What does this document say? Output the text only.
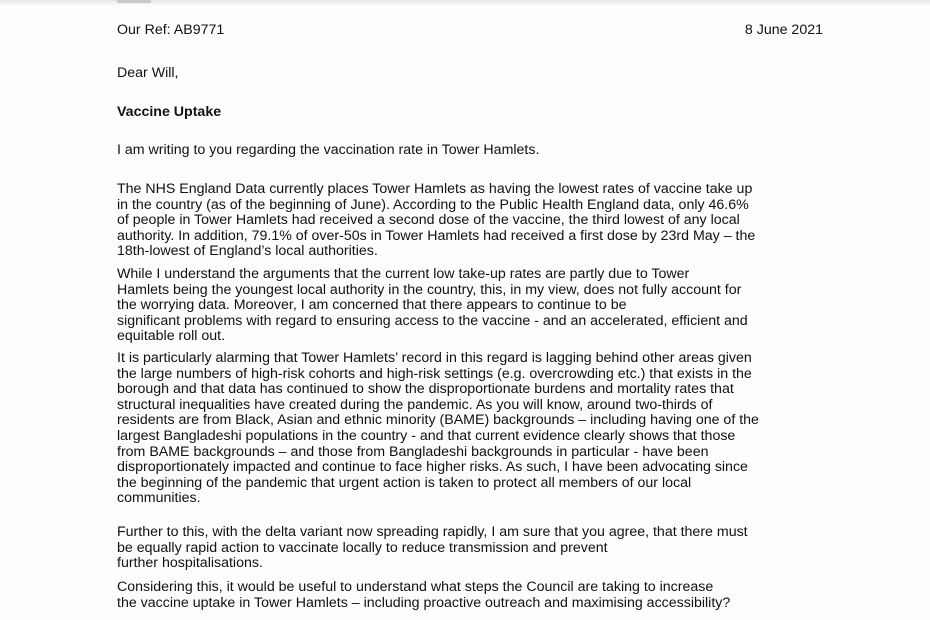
Our Ref: AB9771	8 June 2021
Dear Will,
Vaccine Uptake
I am writing to you regarding the vaccination rate in Tower Hamlets.
The NHS England Data currently places Tower Hamlets as having the lowest rates of vaccine take up
in the country (as of the beginning of June). According to the Public Health England data, only 46.6%
of people in Tower Hamlets had received a second dose of the vaccine, the third lowest of any local
authority. In addition, 79.1% of over-50s in Tower Hamlets had received a first dose by 23rd May – the
18th-lowest of England’s local authorities.
While I understand the arguments that the current low take-up rates are partly due to Tower
Hamlets being the youngest local authority in the country, this, in my view, does not fully account for
the worrying data. Moreover, I am concerned that there appears to continue to be
significant problems with regard to ensuring access to the vaccine - and an accelerated, efficient and
equitable roll out.
It is particularly alarming that Tower Hamlets’ record in this regard is lagging behind other areas given
the large numbers of high-risk cohorts and high-risk settings (e.g. overcrowding etc.) that exists in the
borough and that data has continued to show the disproportionate burdens and mortality rates that
structural inequalities have created during the pandemic. As you will know, around two-thirds of
residents are from Black, Asian and ethnic minority (BAME) backgrounds – including having one of the
largest Bangladeshi populations in the country - and that current evidence clearly shows that those
from BAME backgrounds – and those from Bangladeshi backgrounds in particular - have been
disproportionately impacted and continue to face higher risks. As such, I have been advocating since
the beginning of the pandemic that urgent action is taken to protect all members of our local
communities.
Further to this, with the delta variant now spreading rapidly, I am sure that you agree, that there must
be equally rapid action to vaccinate locally to reduce transmission and prevent
further hospitalisations.
Considering this, it would be useful to understand what steps the Council are taking to increase
the vaccine uptake in Tower Hamlets – including proactive outreach and maximising accessibility?
